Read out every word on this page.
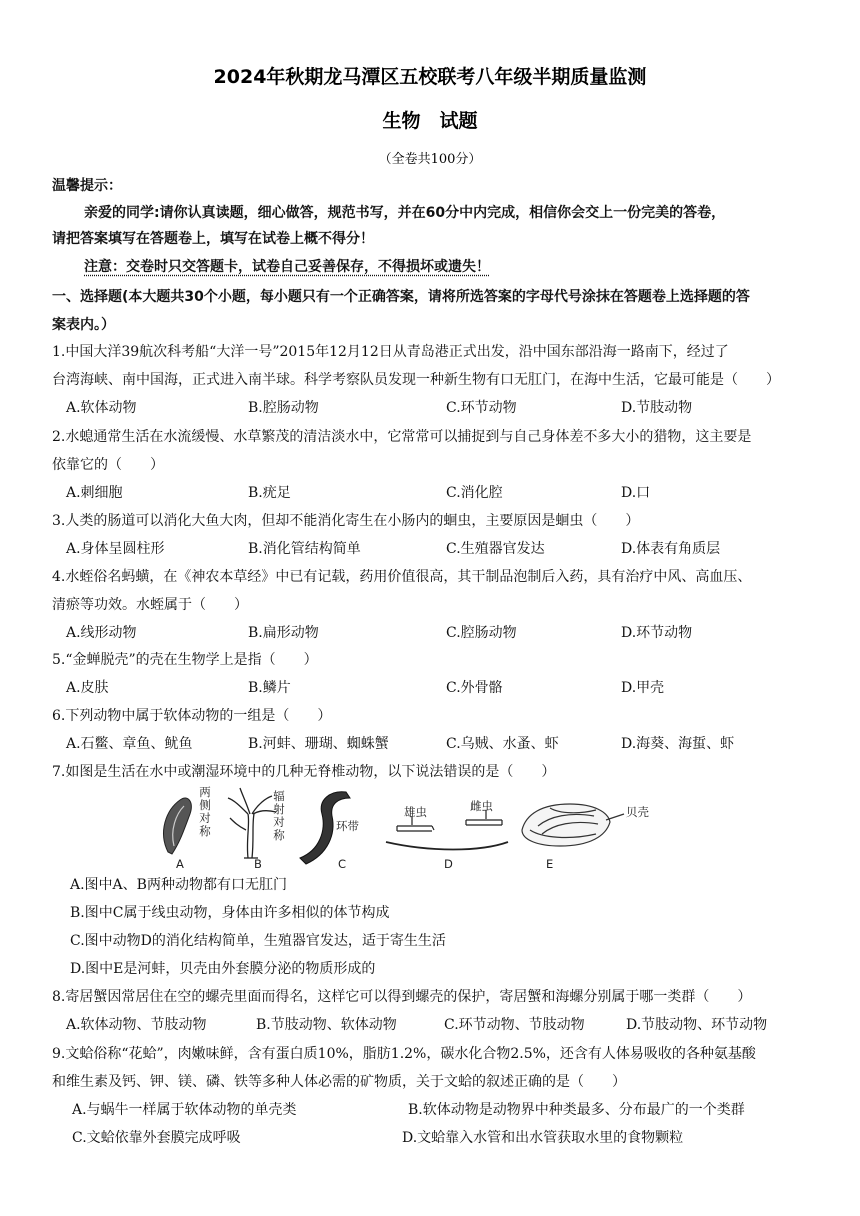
2024年秋期龙马潭区五校联考八年级半期质量监测
生物　试题
（全卷共100分）
温馨提示：
亲爱的同学:请你认真读题，细心做答，规范书写，并在60分中内完成，相信你会交上一份完美的答卷，
请把答案填写在答题卷上，填写在试卷上概不得分！
注意：交卷时只交答题卡，试卷自己妥善保存，不得损坏或遗失！
一、选择题(本大题共30个小题，每小题只有一个正确答案，请将所选答案的字母代号涂抹在答题卷上选择题的答
案表内。）
1.中国大洋39航次科考船“大洋一号”2015年12月12日从青岛港正式出发，沿中国东部沿海一路南下，经过了
台湾海峡、南中国海，正式进入南半球。科学考察队员发现一种新生物有口无肛门，在海中生活，它最可能是（　　）
A.软体动物	B.腔肠动物	C.环节动物	D.节肢动物
2.水螅通常生活在水流缓慢、水草繁茂的清洁淡水中，它常常可以捕捉到与自己身体差不多大小的猎物，这主要是
依靠它的（　　）
A.刺细胞	B.疣足	C.消化腔	D.口
3.人类的肠道可以消化大鱼大肉，但却不能消化寄生在小肠内的蛔虫，主要原因是蛔虫（　　）
A.身体呈圆柱形	B.消化管结构简单	C.生殖器官发达	D.体表有角质层
4.水蛭俗名蚂蟥，在《神农本草经》中已有记载，药用价值很高，其干制品泡制后入药，具有治疗中风、高血压、
清瘀等功效。水蛭属于（　　）
A.线形动物	B.扁形动物	C.腔肠动物	D.环节动物
5.“金蝉脱壳”的壳在生物学上是指（　　）
A.皮肤	B.鳞片	C.外骨骼	D.甲壳
6.下列动物中属于软体动物的一组是（　　）
A.石鳖、章鱼、鱿鱼	B.河蚌、珊瑚、蜘蛛蟹	C.乌贼、水蚤、虾	D.海葵、海蜇、虾
7.如图是生活在水中或潮湿环境中的几种无脊椎动物，以下说法错误的是（　　）
两侧对称
辐射对称
环带
雄虫	雌虫	贝壳
A	B	C	D	E
A.图中A、B两种动物都有口无肛门
B.图中C属于线虫动物，身体由许多相似的体节构成
C.图中动物D的消化结构简单，生殖器官发达，适于寄生生活
D.图中E是河蚌，贝壳由外套膜分泌的物质形成的
8.寄居蟹因常居住在空的螺壳里面而得名，这样它可以得到螺壳的保护，寄居蟹和海螺分别属于哪一类群（　　）
A.软体动物、节肢动物	B.节肢动物、软体动物	C.环节动物、节肢动物	D.节肢动物、环节动物
9.文蛤俗称“花蛤”，肉嫩味鲜，含有蛋白质10%，脂肪1.2%，碳水化合物2.5%，还含有人体易吸收的各种氨基酸
和维生素及钙、钾、镁、磷、铁等多种人体必需的矿物质，关于文蛤的叙述正确的是（　　）
A.与蜗牛一样属于软体动物的单壳类	B.软体动物是动物界中种类最多、分布最广的一个类群
C.文蛤依靠外套膜完成呼吸	D.文蛤靠入水管和出水管获取水里的食物颗粒
